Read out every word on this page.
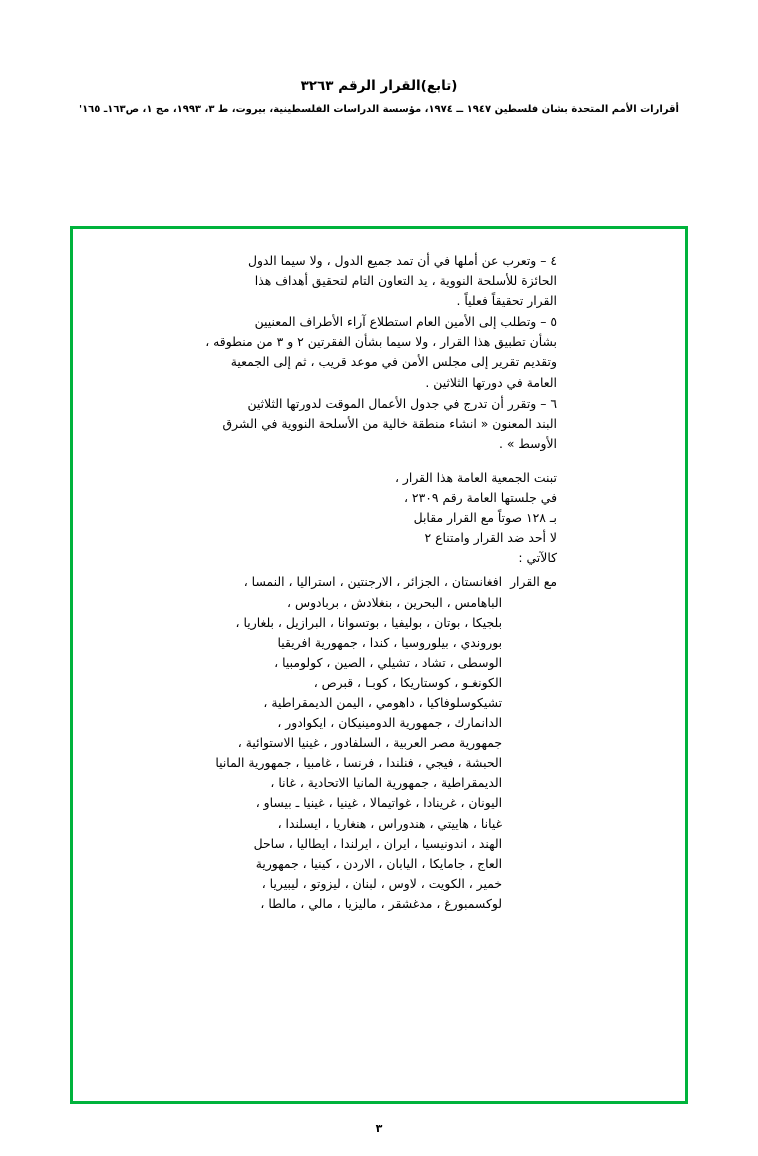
(تابع)القرار الرقم ٣٢٦٣
أقرارات الأمم المتحدة بشان فلسطين ١٩٤٧ ــ ١٩٧٤، مؤسسة الدراسات الفلسطينية، بيروت، ط ٣، ١٩٩٣، مج ١، ص١٦٣ـ ١٦٥'
٤ – وتعرب عن أملها في أن تمد جميع الدول ، ولا سيما الدول
الحائزة للأسلحة النووية ، يد التعاون التام لتحقيق أهداف هذا
القرار تحقيقاً فعلياً .
٥ – وتطلب إلى الأمين العام استطلاع آراء الأطراف المعنيين
بشأن تطبيق هذا القرار ، ولا سيما بشأن الفقرتين ٢ و ٣ من منطوقه ،
وتقديم تقرير إلى مجلس الأمن في موعد قريب ، ثم إلى الجمعية
العامة في دورتها الثلاثين .
٦ – وتقرر أن تدرج في جدول الأعمال الموقت لدورتها الثلاثين
البند المعنون « انشاء منطقة خالية من الأسلحة النووية في الشرق
الأوسط » .
تبنت الجمعية العامة هذا القرار ،
في جلستها العامة رقم ٢٣٠٩ ،
بـ ١٢٨ صوتاً مع القرار مقابل
لا أحد ضد القرار وامتناع ٢
كالآتي :
مع القرار
افغانستان ، الجزائر ، الارجنتين ، استراليا ، النمسا ،
الباهامس ، البحرين ، بنغلادش ، بربادوس ،
بلجيكا ، بوتان ، بوليفيا ، بوتسوانا ، البرازيل ، بلغاريا ،
بوروندي ، بيلوروسيا ، كندا ، جمهورية افريقيا
الوسطى ، تشاد ، تشيلي ، الصين ، كولومبيا ،
الكونغـو ، كوستاريكا ، كوبـا ، قبرص ،
تشيكوسلوفاكيا ، داهومي ، اليمن الديمقراطية ،
الدانمارك ، جمهورية الدومينيكان ، ايكوادور ،
جمهورية مصر العربية ، السلفادور ، غينيا الاستوائية ،
الحبشة ، فيجي ، فنلندا ، فرنسا ، غامبيا ، جمهورية المانيا
الديمقراطية ، جمهورية المانيا الاتحادية ، غانا ،
اليونان ، غرينادا ، غواتيمالا ، غينيا ، غينيا ـ بيساو ،
غيانا ، هاييتي ، هندوراس ، هنغاريا ، ايسلندا ،
الهند ، اندونيسيا ، ايران ، ايرلندا ، ايطاليا ، ساحل
العاج ، جامايكا ، اليابان ، الاردن ، كينيا ، جمهورية
خمير ، الكويت ، لاوس ، لبنان ، ليزوتو ، ليبيريا ،
لوكسمبورغ ، مدغشقر ، ماليزيا ، مالي ، مالطا ،
٣
